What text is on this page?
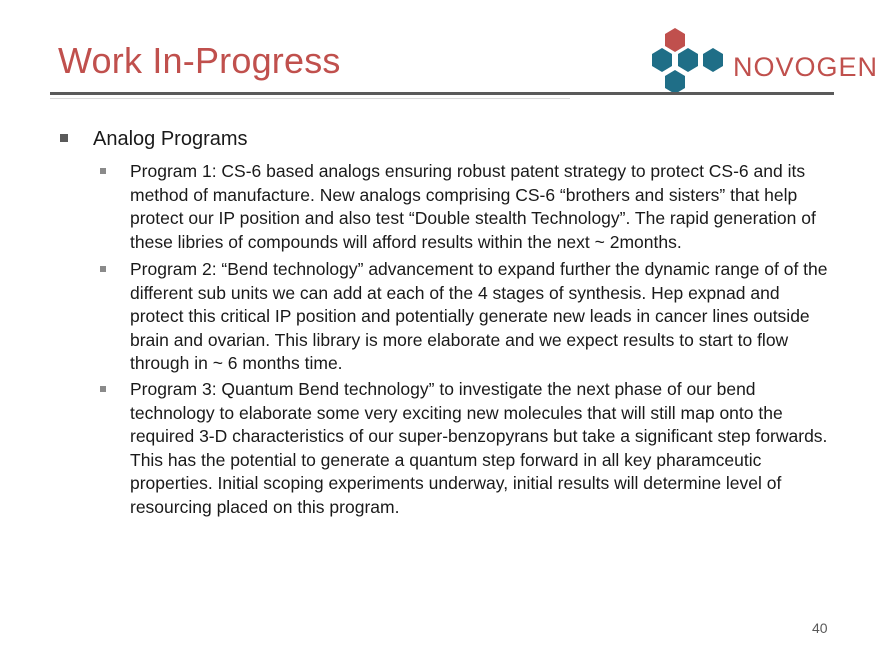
Work In-Progress	NOVOGEN
Analog Programs
Program 1: CS-6 based analogs ensuring robust patent strategy to protect CS-6 and its method of manufacture. New analogs comprising CS-6 “brothers and sisters” that help protect our IP position and also test “Double stealth Technology”. The rapid generation of these libries of compounds will afford results within the next ~ 2months.
Program 2: “Bend technology” advancement to expand further the dynamic range of of the different sub units we can add at each of the 4 stages of synthesis. Hep expnad and protect this critical IP position and potentially generate new leads in cancer lines outside brain and ovarian. This library is more elaborate and we expect results to start to flow through in ~ 6 months time.
Program 3: Quantum Bend technology” to investigate the next phase of our bend technology to elaborate some very exciting new molecules that will still map onto the required 3-D characteristics of our super-benzopyrans but take a significant step forwards. This has the potential to generate a quantum step forward in all key pharamceutic properties. Initial scoping experiments underway, initial results will determine level of resourcing placed on this program.
40
